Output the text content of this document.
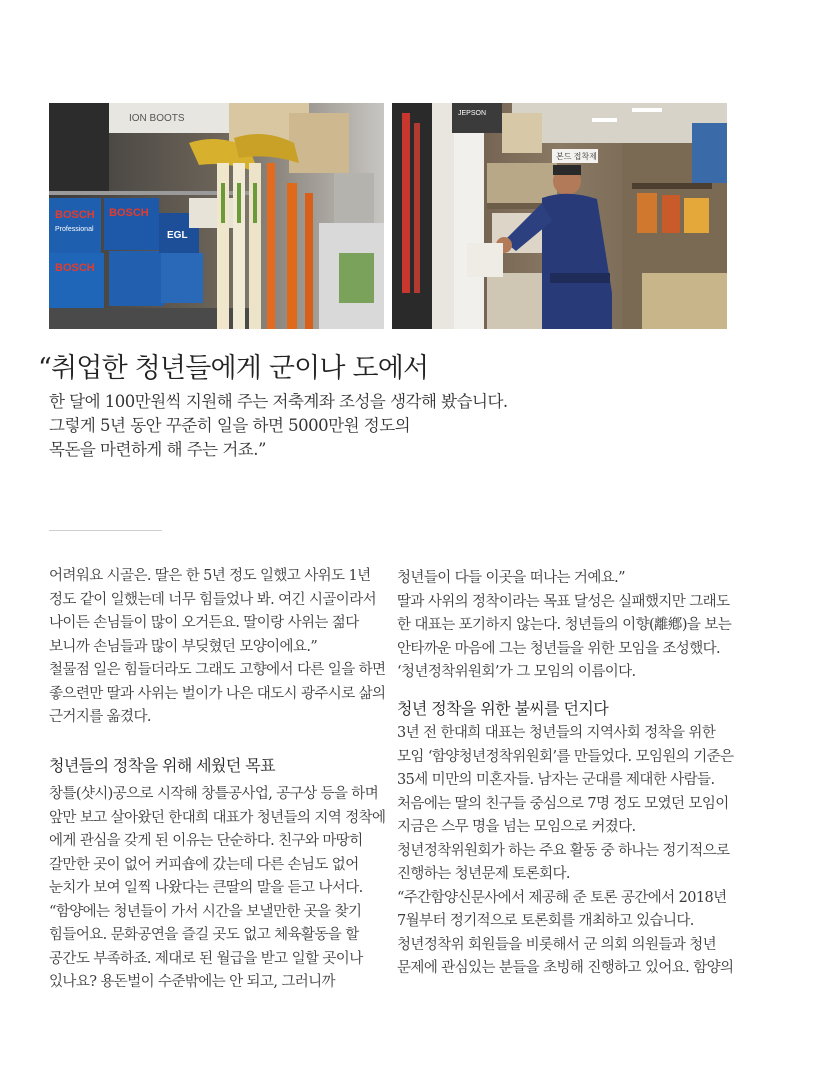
ION BOOTS
BOSCH
BOSCH
BOSCH
Professional
EGL
JEPSON
본드 접착제
“취업한 청년들에게 군이나 도에서
한 달에 100만원씩 지원해 주는 저축계좌 조성을 생각해 봤습니다.
그렇게 5년 동안 꾸준히 일을 하면 5000만원 정도의
목돈을 마련하게 해 주는 거죠.”
어려워요 시골은. 딸은 한 5년 정도 일했고 사위도 1년
정도 같이 일했는데 너무 힘들었나 봐. 여긴 시골이라서
나이든 손님들이 많이 오거든요. 딸이랑 사위는 젊다
보니까 손님들과 많이 부딪혔던 모양이에요.”
철물점 일은 힘들더라도 그래도 고향에서 다른 일을 하면
좋으련만 딸과 사위는 벌이가 나은 대도시 광주시로 삶의
근거지를 옮겼다.
청년들의 정착을 위해 세웠던 목표
창틀(샷시)공으로 시작해 창틀공사업, 공구상 등을 하며
앞만 보고 살아왔던 한대희 대표가 청년들의 지역 정착에
에게 관심을 갖게 된 이유는 단순하다. 친구와 마땅히
갈만한 곳이 없어 커피숍에 갔는데 다른 손님도 없어
눈치가 보여 일찍 나왔다는 큰딸의 말을 듣고 나서다.
“함양에는 청년들이 가서 시간을 보낼만한 곳을 찾기
힘들어요. 문화공연을 즐길 곳도 없고 체육활동을 할
공간도 부족하죠. 제대로 된 월급을 받고 일할 곳이나
있나요? 용돈벌이 수준밖에는 안 되고, 그러니까
청년들이 다들 이곳을 떠나는 거예요.”
딸과 사위의 정착이라는 목표 달성은 실패했지만 그래도
한 대표는 포기하지 않는다. 청년들의 이향(離鄕)을 보는
안타까운 마음에 그는 청년들을 위한 모임을 조성했다.
‘청년정착위원회’가 그 모임의 이름이다.
청년 정착을 위한 불씨를 던지다
3년 전 한대희 대표는 청년들의 지역사회 정착을 위한
모임 ‘함양청년정착위원회’를 만들었다. 모임원의 기준은
35세 미만의 미혼자들. 남자는 군대를 제대한 사람들.
처음에는 딸의 친구들 중심으로 7명 정도 모였던 모임이
지금은 스무 명을 넘는 모임으로 커졌다.
청년정착위원회가 하는 주요 활동 중 하나는 정기적으로
진행하는 청년문제 토론회다.
“주간함양신문사에서 제공해 준 토론 공간에서 2018년
7월부터 정기적으로 토론회를 개최하고 있습니다.
청년정착위 회원들을 비롯해서 군 의회 의원들과 청년
문제에 관심있는 분들을 초빙해 진행하고 있어요. 함양의
